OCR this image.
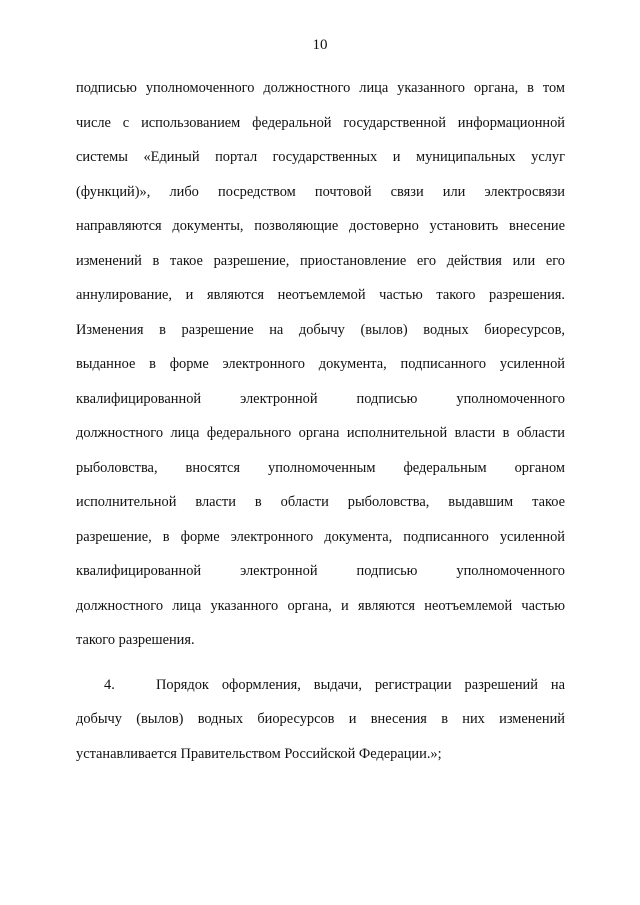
10
подписью уполномоченного должностного лица указанного органа, в том
числе с использованием федеральной государственной информационной
системы «Единый портал государственных и муниципальных услуг
(функций)», либо посредством почтовой связи или электросвязи
направляются документы, позволяющие достоверно установить внесение
изменений в такое разрешение, приостановление его действия или его
аннулирование, и являются неотъемлемой частью такого разрешения.
Изменения в разрешение на добычу (вылов) водных биоресурсов,
выданное в форме электронного документа, подписанного усиленной
квалифицированной электронной подписью уполномоченного
должностного лица федерального органа исполнительной власти в области
рыболовства, вносятся уполномоченным федеральным органом
исполнительной власти в области рыболовства, выдавшим такое
разрешение, в форме электронного документа, подписанного усиленной
квалифицированной электронной подписью уполномоченного
должностного лица указанного органа, и являются неотъемлемой частью
такого разрешения.
4.	Порядок оформления, выдачи, регистрации разрешений на
добычу (вылов) водных биоресурсов и внесения в них изменений
устанавливается Правительством Российской Федерации.»;
